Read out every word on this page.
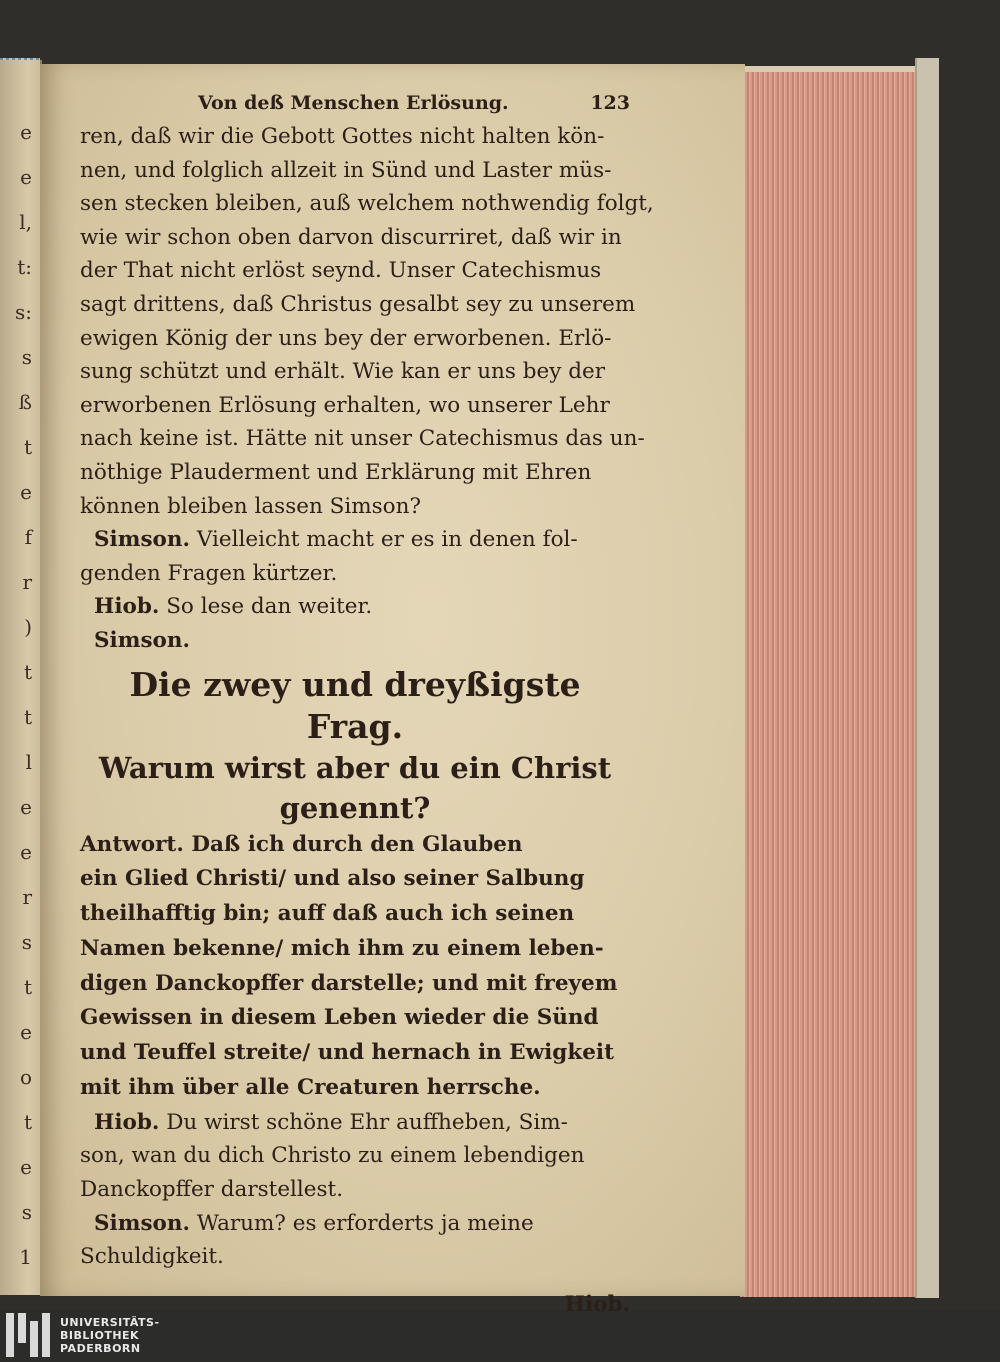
e
e
l,
t:
s:
s
ß
t
e
f
r
)
t
t
l
e
e
r
s
t
e
o
t
e
s
1
Von deß Menschen Erlösung.	123
ren, daß wir die Gebott Gottes nicht halten kön-
nen, und folglich allzeit in Sünd und Laster müs-
sen stecken bleiben, auß welchem nothwendig folgt,
wie wir schon oben darvon discurriret, daß wir in
der That nicht erlöst seynd. Unser Catechismus
sagt drittens, daß Christus gesalbt sey zu unserem
ewigen König der uns bey der erworbenen. Erlö-
sung schützt und erhält. Wie kan er uns bey der
erworbenen Erlösung erhalten, wo unserer Lehr
nach keine ist. Hätte nit unser Catechismus das un-
nöthige Plauderment und Erklärung mit Ehren
können bleiben lassen Simson?
Simson. Vielleicht macht er es in denen fol-
genden Fragen kürtzer.
Hiob. So lese dan weiter.
Simson.
Die zwey und dreyßigste Frag.
Warum wirst aber du ein Christ
genennt?
Antwort. Daß ich durch den Glauben
ein Glied Christi/ und also seiner Salbung
theilhafftig bin; auff daß auch ich seinen
Namen bekenne/ mich ihm zu einem leben-
digen Danckopffer darstelle; und mit freyem
Gewissen in diesem Leben wieder die Sünd
und Teuffel streite/ und hernach in Ewigkeit
mit ihm über alle Creaturen herrsche.
Hiob. Du wirst schöne Ehr auffheben, Sim-
son, wan du dich Christo zu einem lebendigen
Danckopffer darstellest.
Simson. Warum? es erforderts ja meine
Schuldigkeit.
Hiob.
UNIVERSITÄTS-
BIBLIOTHEK
PADERBORN
